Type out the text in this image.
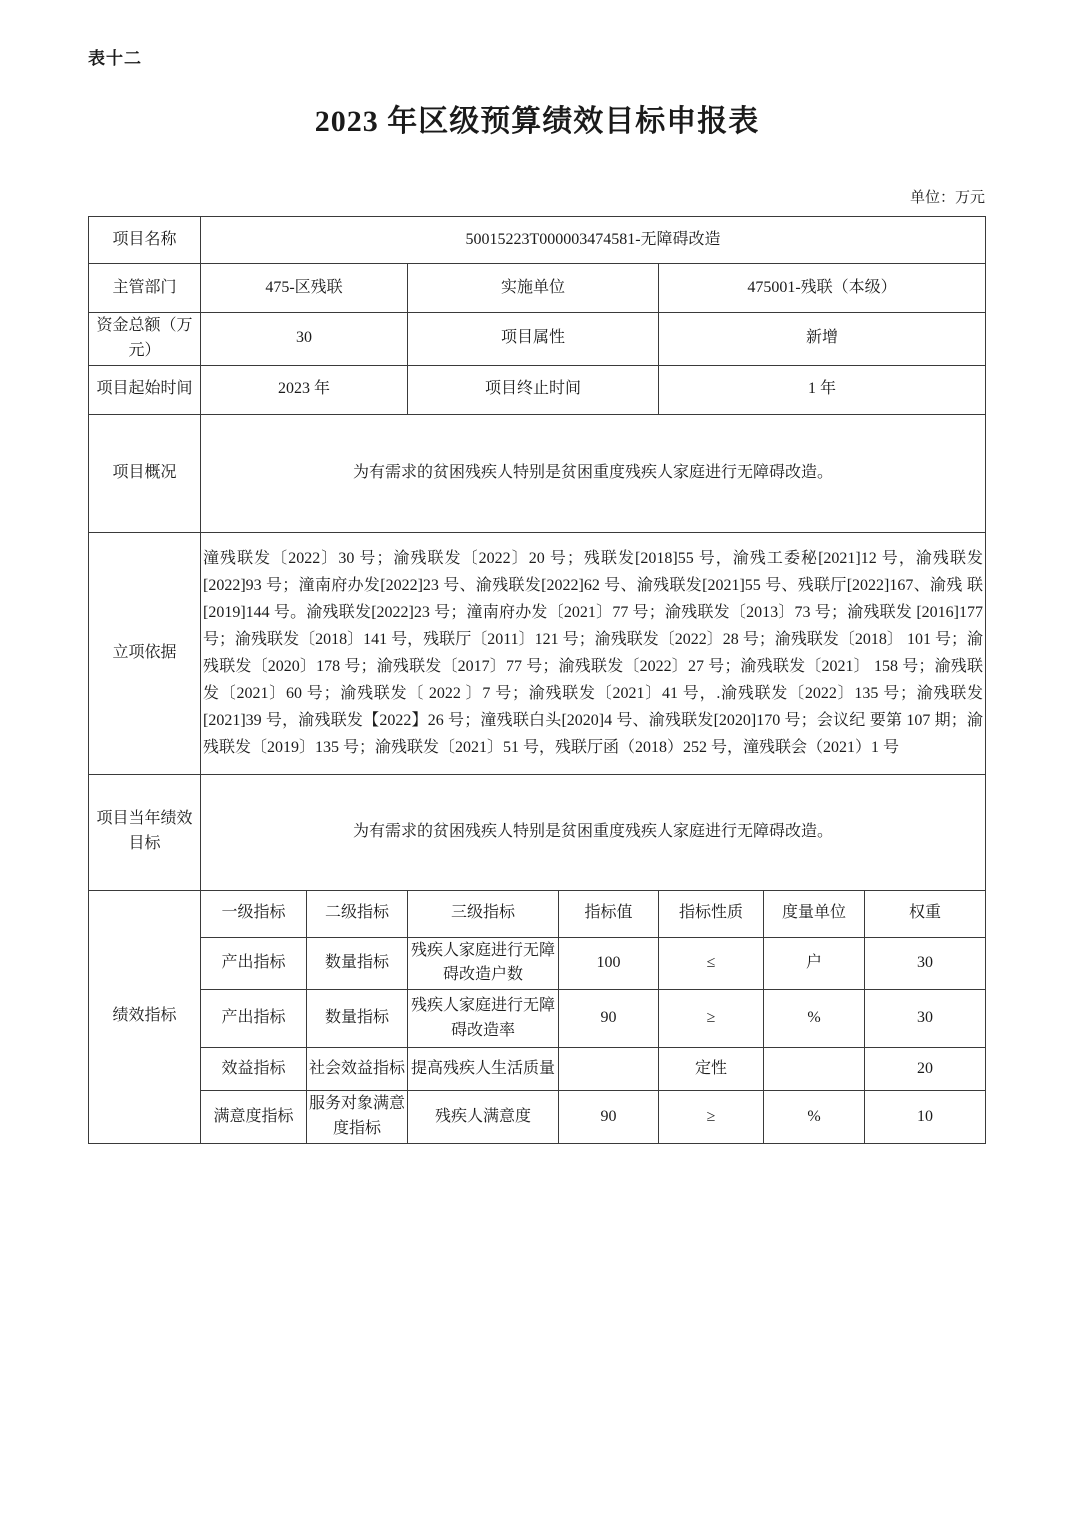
表十二
2023 年区级预算绩效目标申报表
单位：万元
项目名称	50015223T000003474581-无障碍改造						
主管部门	475-区残联		实施单位		475001-残联（本级）		
资金总额（万元）	30		项目属性		新增		
项目起始时间	2023 年		项目终止时间		1 年		
项目概况	为有需求的贫困残疾人特别是贫困重度残疾人家庭进行无障碍改造。						
立项依据	潼残联发〔2022〕30 号；渝残联发〔2022〕20 号；残联发[2018]55 号，渝残工委秘[2021]12 号，渝残联发 [2022]93 号；潼南府办发[2022]23 号、渝残联发[2022]62 号、渝残联发[2021]55 号、残联厅[2022]167、渝残 联[2019]144 号。渝残联发[2022]23 号；潼南府办发〔2021〕77 号；渝残联发〔2013〕73 号；渝残联发 [2016]177 号；渝残联发〔2018〕141 号，残联厅〔2011〕121 号；渝残联发〔2022〕28 号；渝残联发〔2018〕 101 号；渝残联发〔2020〕178 号；渝残联发〔2017〕77 号；渝残联发〔2022〕27 号；渝残联发〔2021〕 158 号；渝残联发〔2021〕60 号；渝残联发〔 2022 〕7 号；渝残联发〔2021〕41 号，.渝残联发〔2022〕135 号；渝残联发[2021]39 号，渝残联发【2022】26 号；潼残联白头[2020]4 号、渝残联发[2020]170 号；会议纪 要第 107 期；渝残联发〔2019〕135 号；渝残联发〔2021〕51 号，残联厅函（2018）252 号，潼残联会（2021）1 号						

项目当年绩效目标	为有需求的贫困残疾人特别是贫困重度残疾人家庭进行无障碍改造。						
绩效指标	一级指标	二级指标	三级指标	指标值	指标性质	度量单位	权重
	产出指标	数量指标	残疾人家庭进行无障碍改造户数	100	≤	户	30
	产出指标	数量指标	残疾人家庭进行无障碍改造率	90	≥	%	30
	效益指标	社会效益指标	提高残疾人生活质量		定性		20
	满意度指标	服务对象满意度指标	残疾人满意度	90	≥	%	10
